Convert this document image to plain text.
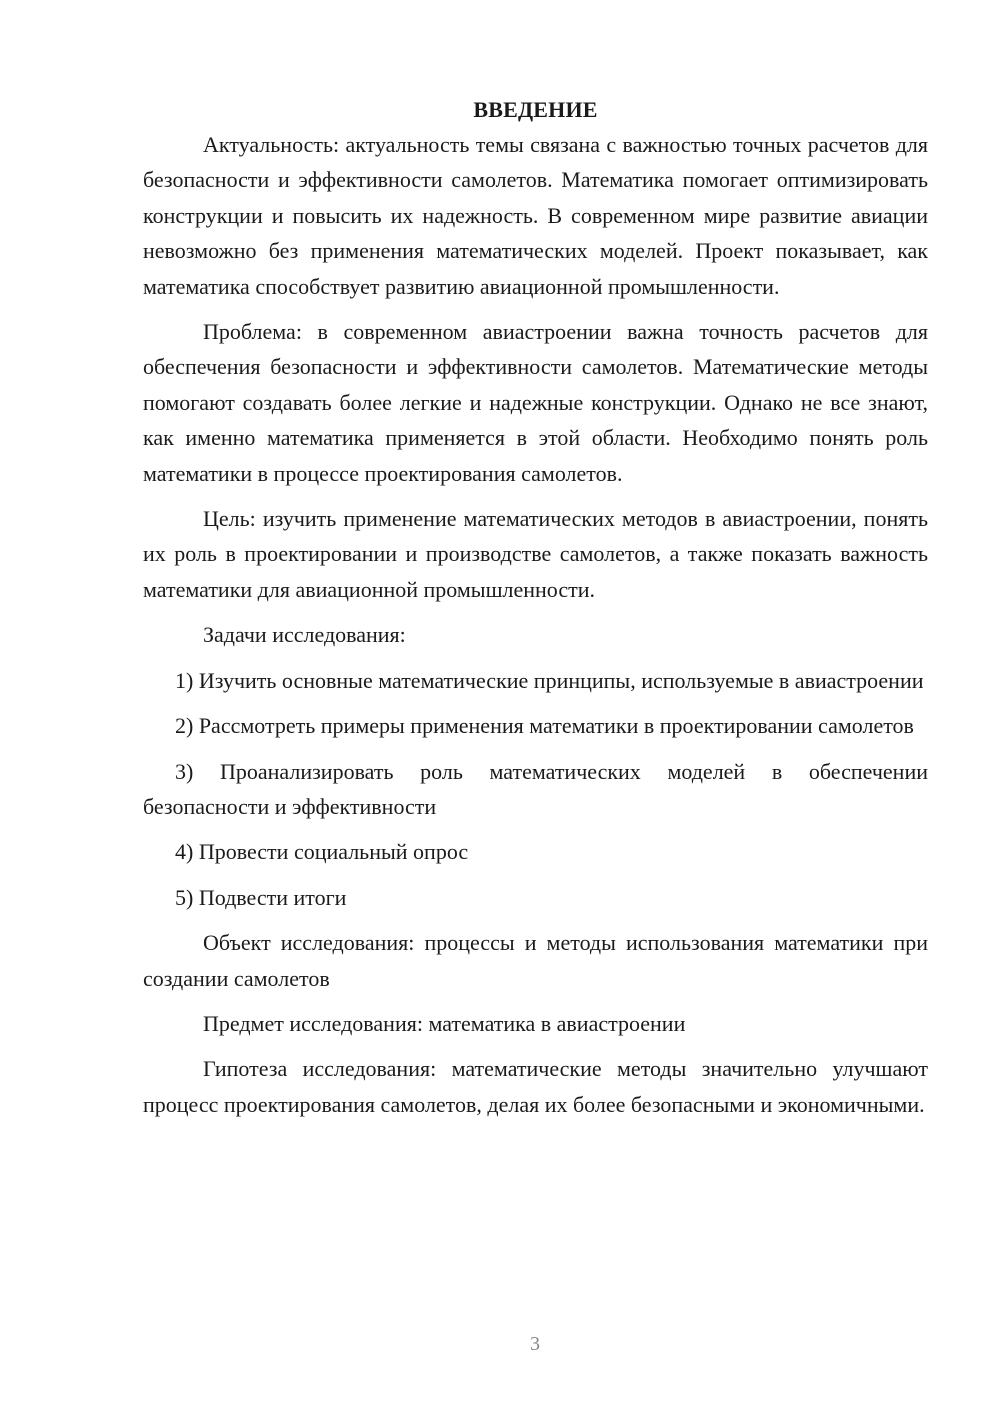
ВВЕДЕНИЕ

Актуальность: актуальность темы связана с важностью точных расчетов для безопасности и эффективности самолетов. Математика помогает оптимизировать конструкции и повысить их надежность. В современном мире развитие авиации невозможно без применения математических моделей. Проект показывает, как математика способствует развитию авиационной промышленности.

Проблема: в современном авиастроении важна точность расчетов для обеспечения безопасности и эффективности самолетов. Математические методы помогают создавать более легкие и надежные конструкции. Однако не все знают, как именно математика применяется в этой области. Необходимо понять роль математики в процессе проектирования самолетов.

Цель: изучить применение математических методов в авиастроении, понять их роль в проектировании и производстве самолетов, а также показать важность математики для авиационной промышленности.

Задачи исследования:

1) Изучить основные математические принципы, используемые в авиастроении

2) Рассмотреть примеры применения математики в проектировании самолетов

3) Проанализировать роль математических моделей в обеспечении безопасности и эффективности

4) Провести социальный опрос

5) Подвести итоги

Объект исследования: процессы и методы использования математики при создании самолетов

Предмет исследования: математика в авиастроении

Гипотеза исследования: математические методы значительно улучшают процесс проектирования самолетов, делая их более безопасными и экономичными.

3
